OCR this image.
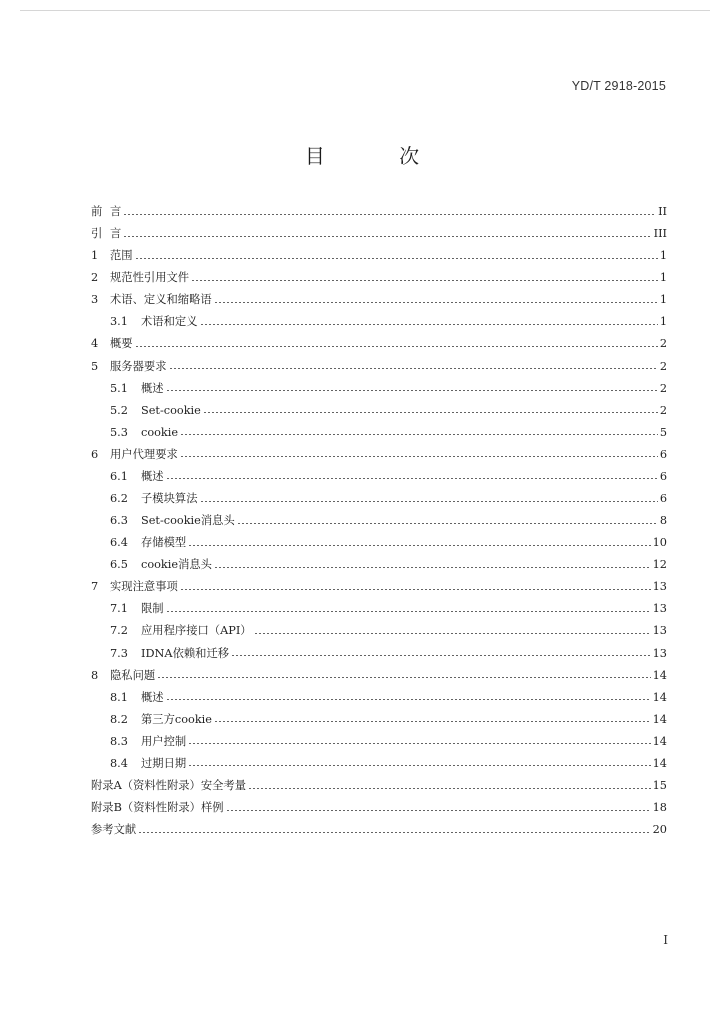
YD/T 2918-2015
目 次
前 言	II
引 言	III
1	范围	1
2	规范性引用文件	1
3	术语、定义和缩略语	1
3.1	术语和定义	1
4	概要	2
5	服务器要求	2
5.1	概述	2
5.2	Set-cookie	2
5.3	cookie	5
6	用户代理要求	6
6.1	概述	6
6.2	子模块算法	6
6.3	Set-cookie消息头	8
6.4	存储模型	10
6.5	cookie消息头	12
7	实现注意事项	13
7.1	限制	13
7.2	应用程序接口（API）	13
7.3	IDNA依赖和迁移	13
8	隐私问题	14
8.1	概述	14
8.2	第三方cookie	14
8.3	用户控制	14
8.4	过期日期	14
附录A（资料性附录）安全考量	15
附录B（资料性附录）样例	18
参考文献	20
I
